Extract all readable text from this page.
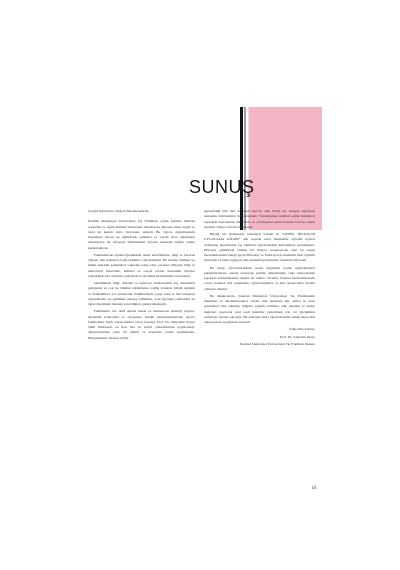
SUNUŞ

Sevgili Öğrenciler, Değerli Meslektaşlarım,

İstanbul Medeniyet Üniversitesi Tıp Fakültesi, sağlık eğitimi, bilimsel araştırma ve sağlık hizmeti alanlarında uluslararası düzeyde etkin, örgün ve öncü bir kurum olma vizyonuna sahiptir. Bu vizyon doğrultusunda mezuniyet öncesi tıp eğitiminde yenilikçi ve yaşam boyu öğrenmeyi destekleyen bir anlayışla fakültemizin öğrenci merkezli eğitim ortamı kurulmaktadır.

Fakültemizde eğitim-öğretimdeki temel hedeflerimiz, bilgi ve becerisi yüksek, etik değerlere bağlı hekimler yetiştirmektir. Bu sunum, bilimsel ve klinik alandaki gelişmeleri yakından takip eden, evrensel düzeyde bilgi ve teknolojiyi üretebilen, kültürel ve sosyal açıdan donanımlı bireyler yetiştirmek için ortamları sağlamak da öncelikli hedeflerimiz arasındadır.

Günümüzde bilgi, iletişim ve teknoloji alanlarındaki baş döndürücü gelişmeler en çok tıp bilimini etkilemekte, sağlık alanında büyük değişim ve dönüşümlere yol açmaktadır. Fakültemizde yapay zekâ ve ileri teknoloji uygulamaları tıp eğitimine entegre edilmekte, yeni öğrenme yöntemleri ile öğrencilerimizin mesleki yeterlilikleri geliştirilmektedir.

Fakültemiz, her türlü alanda ulusal ve uluslararası işbirliği yapıyor, akademik kadrosunu ve altyapısını sürekli güçlendirmektedir. Ayrıca fakültemize bağlı olarak hizmet veren Göztepe Prof. Dr. Süleyman Yalçın Şehir Hastanesi, en ileri tanı ve tedavi yöntemlerinin uygulandığı, öğrencilerimize eşsiz bir eğitim ve araştırma ortamı sunmaktadır. Hastanemizde modern tıbbın

gerektirdiği tüm ileri donanım mevcut olup tıbbın her branşını kapsayan uzmanlık birimlerimiz bulunmaktadır. Sunduğumuz nitelikli sağlık hizmetleri sayesinde hastanemiz, ülkemizde ve yurtdışından gelen hastalar için bir çekim merkezi olmaya devam etmektedir.

Büyük bir mutlulukla belirtmek isterim ki "GENEL HİSTOLOJİ UYGULAMA KİTABI" adlı kaynak eseri fakültemiz öğretim üyeleri tarafından hazırlanmış, tıp fakültesi öğrencilerinin kullanımına sunulmuştur. Histoloji eğitiminde önemli bir ihtiyacı karşılayacak olan bu eserin hazırlanmasında emeği geçen Histoloji ve Embriyoloji Anabilim Dalı öğretim üyelerine ve katkı sağlayan tüm akademisyenlerimize teşekkür ediyorum.

Bu kitap, öğrencilerimizin teorik bilgilerini pratik uygulamalarla pekiştirmelerine olanak tanıyacak şekilde düzenlenmiş olup, mikroskobik yapıların anlaşılmasında değerli bir rehber olacaktır. Kitabın hazırlanmasında ortaya konulan titiz çalışmanın, öğrencilerimize ve tüm okuyuculara faydalı olmasını dilerim.

Bu düşüncelerle, İstanbul Medeniyet Üniversitesi Tıp Fakültesinin hekimleri ve akademisyenleri olarak, tüm insanlara ilgi, şefkat ve özen göstermeyi ilke edinmiş, bilginin ışığında bilimsel, etik, mesleki ve insani değerleri yaşatacak yeni nesil hekimler yetiştirmek için var gücümüzle çalışmaya devam edeceğiz. Bu anlayışla başta öğrencilerimiz olmak üzere tüm okuyuculara saygılarımı sunarım.

Sağlıcakla kalınız,

Prof. Dr. Sadrettin Pençe

İstanbul Medeniyet Üniversitesi Tıp Fakültesi Dekanı

iii
